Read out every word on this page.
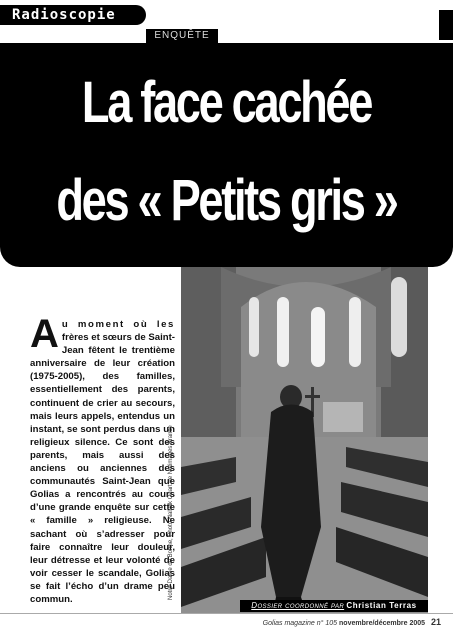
Radioscopie
La face cachée
des « Petits gris »
ENQUÊTE
A u moment où les frères et sœurs de Saint-Jean fêtent le trentième anniversaire de leur création (1975-2005), des familles, essentiellement des parents, continuent de crier au secours, mais leurs appels, entendus un instant, se sont perdus dans un religieux silence. Ce sont des parents, mais aussi des anciens ou anciennes des communautés Saint-Jean que Golias a rencontrés au cours d’une grande enquête sur cette « famille » religieuse. Ne sachant où s’adresser pour faire connaître leur douleur, leur détresse et leur volonté de voir cesser le scandale, Golias se fait l’écho d’un drame peu commun.	Notre-Dame de Bonne, Photo Nalvak Quart de Notimages France
Dossier coordonné par Christian Terras
Golias magazine n° 105 novembre/décembre 2005 21
